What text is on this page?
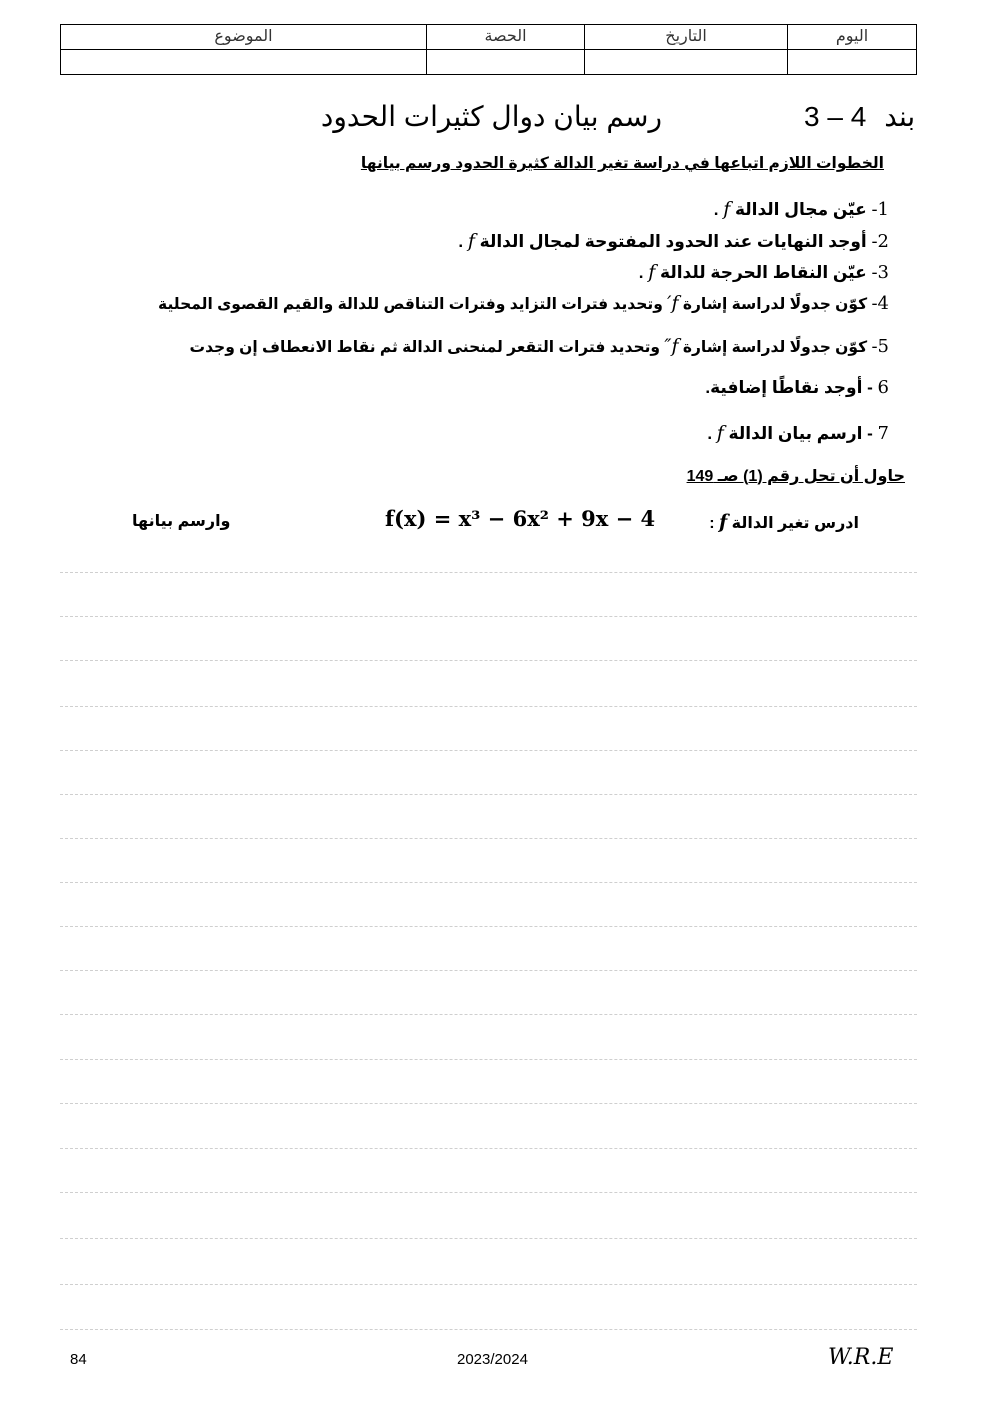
اليوم	التاريخ	الحصة	الموضوع

3 – 4 بند
رسم بيان دوال كثيرات الحدود
الخطوات اللازم اتباعها في دراسة تغير الدالة كثيرة الحدود ورسم بيانها
1- عيّن مجال الدالة f .
2- أوجد النهايات عند الحدود المفتوحة لمجال الدالة f .
3- عيّن النقاط الحرجة للدالة f .
4- كوّن جدولًا لدراسة إشارة f′ وتحديد فترات التزايد وفترات التناقص للدالة والقيم القصوى المحلية
5- كوّن جدولًا لدراسة إشارة f″ وتحديد فترات التقعر لمنحنى الدالة ثم نقاط الانعطاف إن وجدت
6 - أوجد نقاطًا إضافية.
7 - ارسم بيان الدالة f .
حاول أن تحل رقم (1) صـ 149
ادرس تغير الدالة f :
f(x) = x³ − 6x² + 9x − 4
وارسم بيانها
84	2023/2024	W.R.E
